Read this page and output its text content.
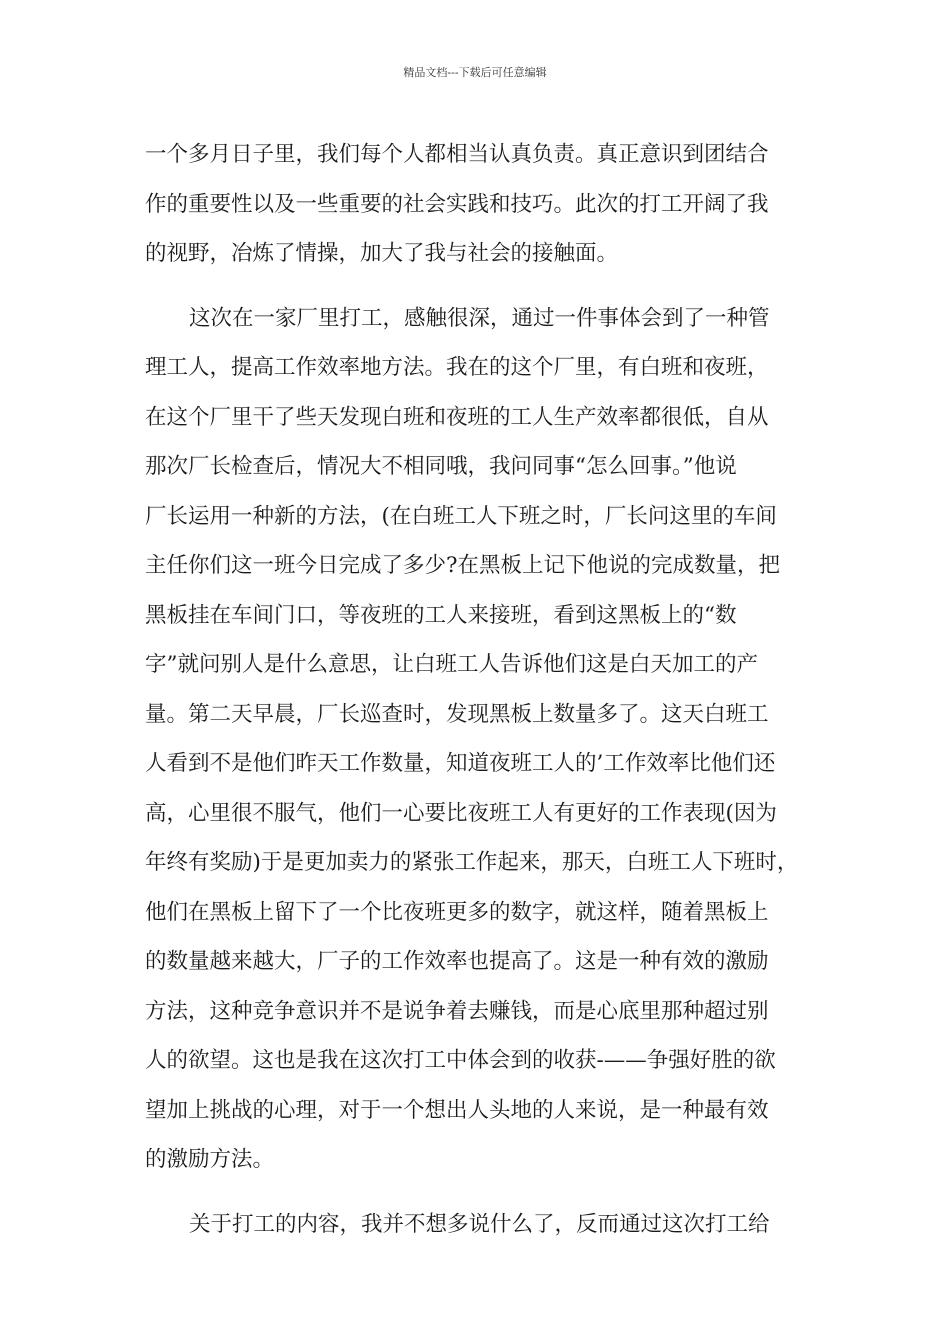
精品文档---下载后可任意编辑
一个多月日子里，我们每个人都相当认真负责。真正意识到团结合
作的重要性以及一些重要的社会实践和技巧。此次的打工开阔了我
的视野，冶炼了情操，加大了我与社会的接触面。
这次在一家厂里打工，感触很深，通过一件事体会到了一种管
理工人，提高工作效率地方法。我在的这个厂里，有白班和夜班，
在这个厂里干了些天发现白班和夜班的工人生产效率都很低，自从
那次厂长检查后，情况大不相同哦，我问同事“怎么回事。”他说
厂长运用一种新的方法，(在白班工人下班之时，厂长问这里的车间
主任你们这一班今日完成了多少?在黑板上记下他说的完成数量，把
黑板挂在车间门口，等夜班的工人来接班，看到这黑板上的“数
字”就问别人是什么意思，让白班工人告诉他们这是白天加工的产
量。第二天早晨，厂长巡查时，发现黑板上数量多了。这天白班工
人看到不是他们昨天工作数量，知道夜班工人的’工作效率比他们还
高，心里很不服气，他们一心要比夜班工人有更好的工作表现(因为
年终有奖励)于是更加卖力的紧张工作起来，那天，白班工人下班时，
他们在黑板上留下了一个比夜班更多的数字，就这样，随着黑板上
的数量越来越大，厂子的工作效率也提高了。这是一种有效的激励
方法，这种竞争意识并不是说争着去赚钱，而是心底里那种超过别
人的欲望。这也是我在这次打工中体会到的收获-——争强好胜的欲
望加上挑战的心理，对于一个想出人头地的人来说，是一种最有效
的激励方法。
关于打工的内容，我并不想多说什么了，反而通过这次打工给
